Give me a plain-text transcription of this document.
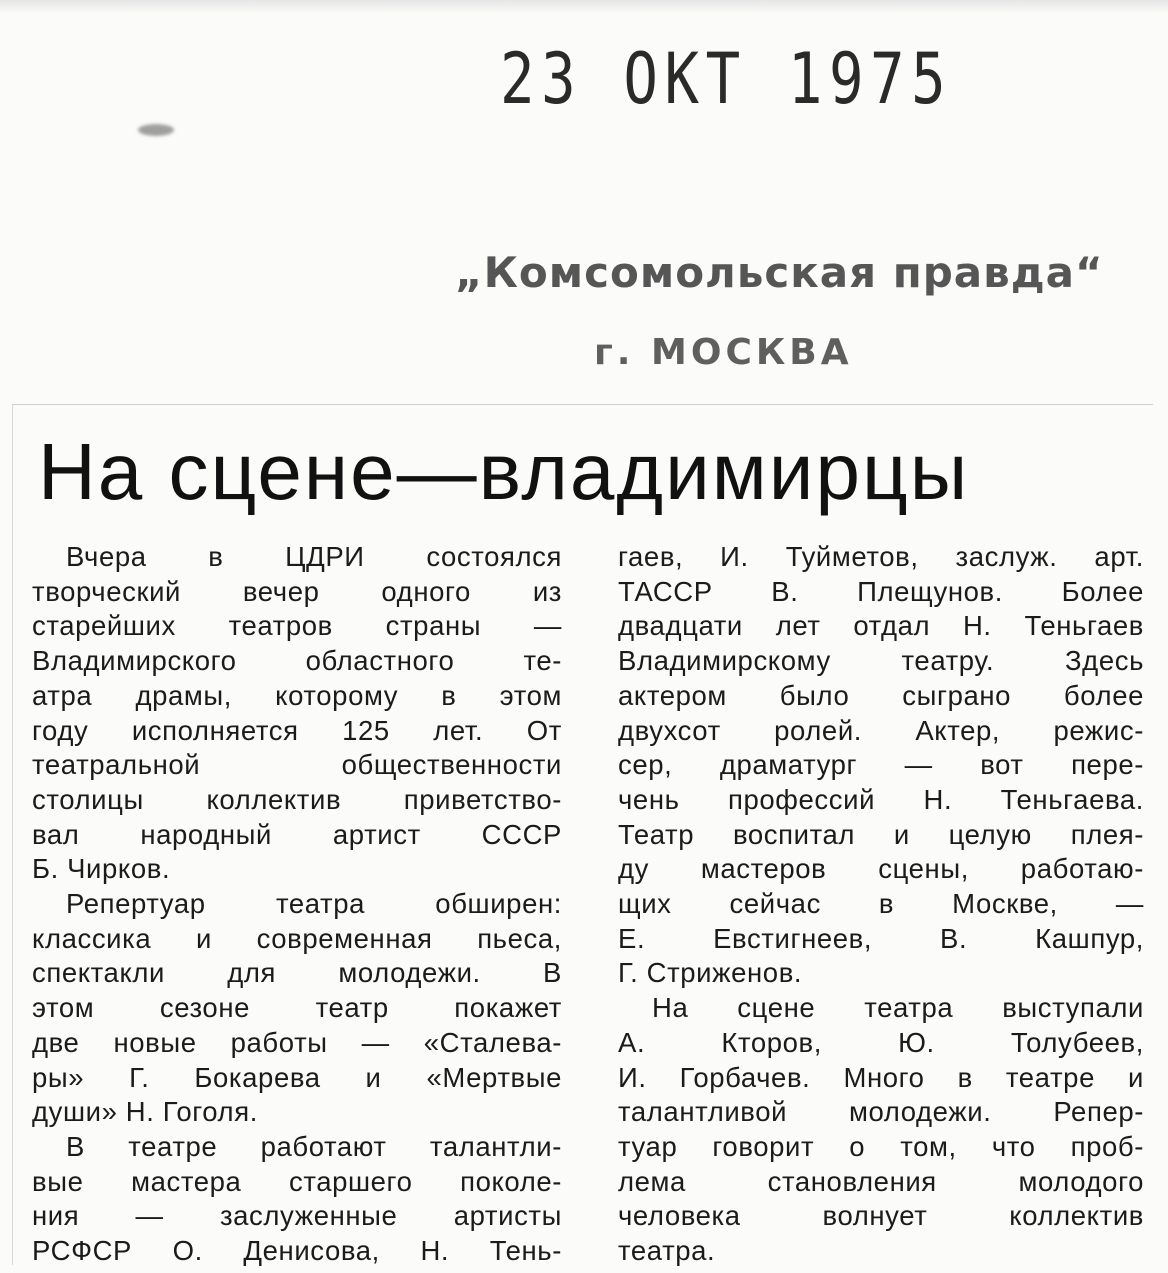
23 ОКТ 1975
„Комсомольская правда“
г. МОСКВА
На сцене—владимирцы

Вчера в ЦДРИ состоялся
творческий вечер одного из
старейших театров страны —
Владимирского областного те-
атра драмы, которому в этом
году исполняется 125 лет. От
театральной общественности
столицы коллектив приветство-
вал народный артист СССР
Б. Чирков.

Репертуар театра обширен:
классика и современная пьеса,
спектакли для молодежи. В
этом сезоне театр покажет
две новые работы — «Сталева-
ры» Г. Бокарева и «Мертвые
души» Н. Гоголя.

В театре работают талантли-
вые мастера старшего поколе-
ния — заслуженные артисты
РСФСР О. Денисова, Н. Тень-

гаев, И. Туйметов, заслуж. арт.
ТАССР В. Плещунов. Более
двадцати лет отдал Н. Теньгаев
Владимирскому театру. Здесь
актером было сыграно более
двухсот ролей. Актер, режис-
сер, драматург — вот пере-
чень профессий Н. Теньгаева.
Театр воспитал и целую плея-
ду мастеров сцены, работаю-
щих сейчас в Москве, —
Е. Евстигнеев, В. Кашпур,
Г. Стриженов.

На сцене театра выступали
А. Кторов, Ю. Толубеев,
И. Горбачев. Много в театре и
талантливой молодежи. Репер-
туар говорит о том, что проб-
лема становления молодого
человека волнует коллектив
театра.
